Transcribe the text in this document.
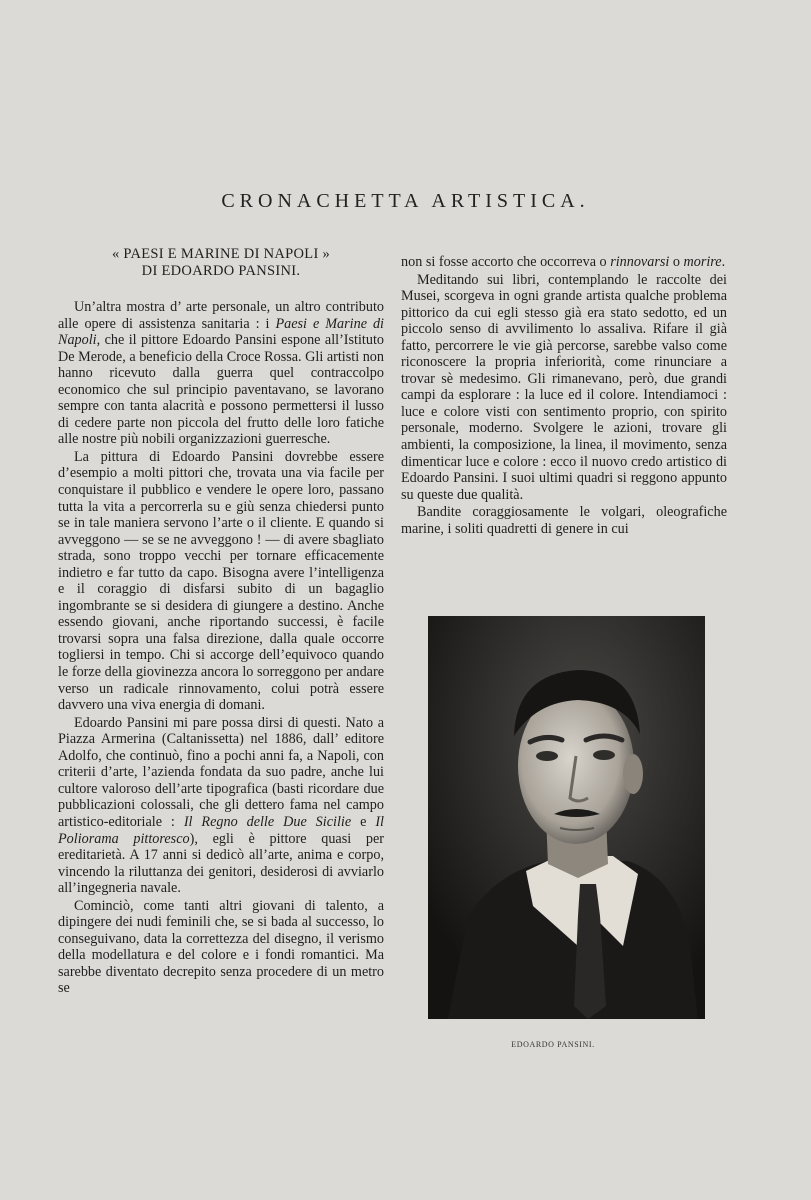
CRONACHETTA ARTISTICA.
« PAESI E MARINE DI NAPOLI »
DI EDOARDO PANSINI.

Un’altra mostra d’ arte personale, un altro contributo alle opere di assistenza sanitaria : i Paesi e Marine di Napoli, che il pittore Edoardo Pansini espone all’Istituto De Merode, a beneficio della Croce Rossa. Gli artisti non hanno ricevuto dalla guerra quel contraccolpo economico che sul principio paventavano, se lavorano sempre con tanta alacrità e possono permettersi il lusso di cedere parte non piccola del frutto delle loro fatiche alle nostre più nobili organizzazioni guerresche.

La pittura di Edoardo Pansini dovrebbe essere d’esempio a molti pittori che, trovata una via facile per conquistare il pubblico e vendere le opere loro, passano tutta la vita a percorrerla su e giù senza chiedersi punto se in tale maniera servono l’arte o il cliente. E quando si avveggono — se se ne avveggono ! — di avere sbagliato strada, sono troppo vecchi per tornare efficacemente indietro e far tutto da capo. Bisogna avere l’intelligenza e il coraggio di disfarsi subito di un bagaglio ingombrante se si desidera di giungere a destino. Anche essendo giovani, anche riportando successi, è facile trovarsi sopra una falsa direzione, dalla quale occorre togliersi in tempo. Chi si accorge dell’equivoco quando le forze della giovinezza ancora lo sorreggono per andare verso un radicale rinnovamento, colui potrà essere davvero una viva energia di domani.

Edoardo Pansini mi pare possa dirsi di questi. Nato a Piazza Armerina (Caltanissetta) nel 1886, dall’ editore Adolfo, che continuò, fino a pochi anni fa, a Napoli, con criterii d’arte, l’azienda fondata da suo padre, anche lui cultore valoroso dell’arte tipografica (basti ricordare due pubblicazioni colossali, che gli dettero fama nel campo artistico-editoriale : Il Regno delle Due Sicilie e Il Poliorama pittoresco), egli è pittore quasi per ereditarietà. A 17 anni si dedicò all’arte, anima e corpo, vincendo la riluttanza dei genitori, desiderosi di avviarlo all’ingegneria navale.

Cominciò, come tanti altri giovani di talento, a dipingere dei nudi feminili che, se si bada al successo, lo conseguivano, data la correttezza del disegno, il verismo della modellatura e del colore e i fondi romantici. Ma sarebbe diventato decrepito senza procedere di un metro se

non si fosse accorto che occorreva o rinnovarsi o morire.

Meditando sui libri, contemplando le raccolte dei Musei, scorgeva in ogni grande artista qualche problema pittorico da cui egli stesso già era stato sedotto, ed un piccolo senso di avvilimento lo assaliva. Rifare il già fatto, percorrere le vie già percorse, sarebbe valso come riconoscere la propria inferiorità, come rinunciare a trovar sè medesimo. Gli rimanevano, però, due grandi campi da esplorare : la luce ed il colore. Intendiamoci : luce e colore visti con sentimento proprio, con spirito personale, moderno. Svolgere le azioni, trovare gli ambienti, la composizione, la linea, il movimento, senza dimenticar luce e colore : ecco il nuovo credo artistico di Edoardo Pansini. I suoi ultimi quadri si reggono appunto su queste due qualità.

Bandite coraggiosamente le volgari, oleografiche marine, i soliti quadretti di genere in cui

EDOARDO PANSINI.
